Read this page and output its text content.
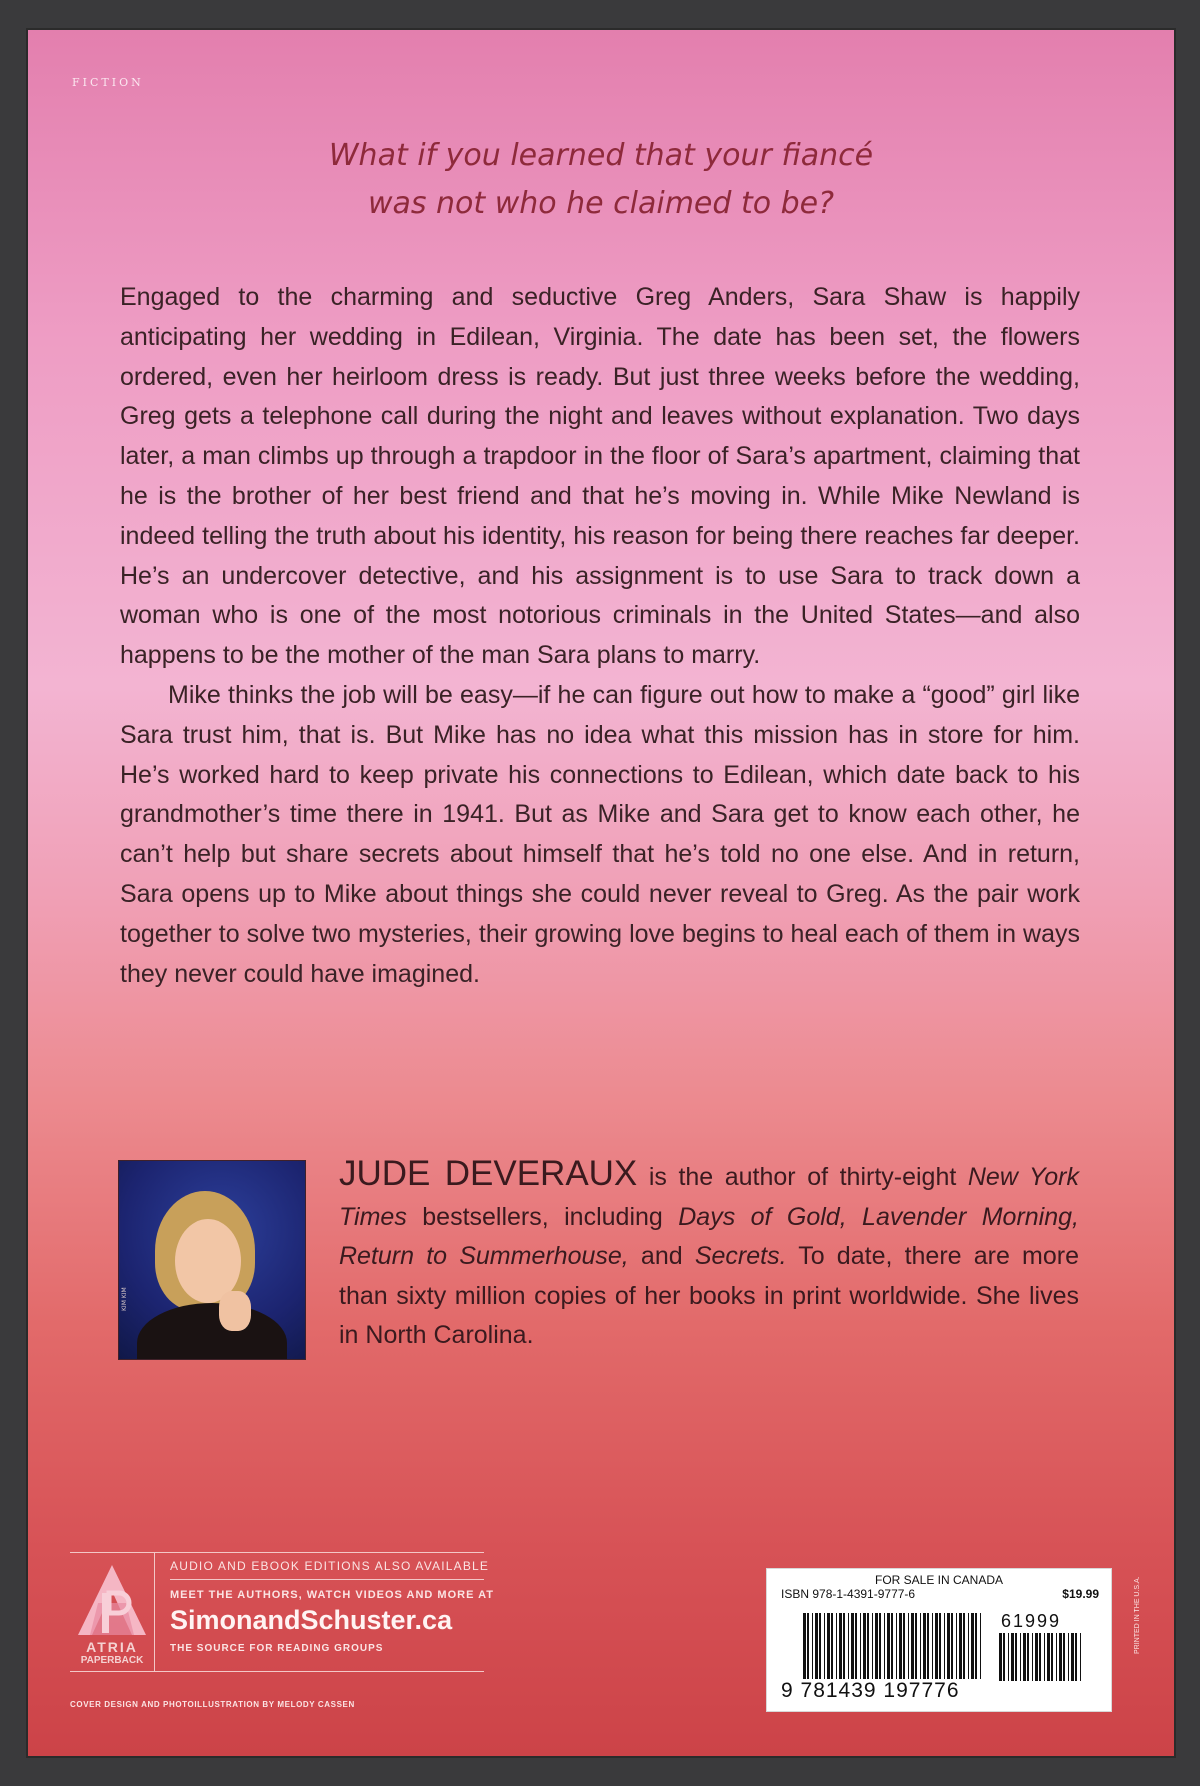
FICTION
What if you learned that your fiancé
was not who he claimed to be?

Engaged to the charming and seductive Greg Anders, Sara Shaw is happily anticipating her wedding in Edilean, Virginia. The date has been set, the flowers ordered, even her heirloom dress is ready. But just three weeks before the wedding, Greg gets a telephone call during the night and leaves without explanation. Two days later, a man climbs up through a trapdoor in the floor of Sara’s apartment, claiming that he is the brother of her best friend and that he’s moving in. While Mike Newland is indeed telling the truth about his identity, his reason for being there reaches far deeper. He’s an undercover detective, and his assignment is to use Sara to track down a woman who is one of the most notorious criminals in the United States—and also happens to be the mother of the man Sara plans to marry.

Mike thinks the job will be easy—if he can figure out how to make a “good” girl like Sara trust him, that is. But Mike has no idea what this mission has in store for him. He’s worked hard to keep private his connections to Edilean, which date back to his grandmother’s time there in 1941. But as Mike and Sara get to know each other, he can’t help but share secrets about himself that he’s told no one else. And in return, Sara opens up to Mike about things she could never reveal to Greg. As the pair work together to solve two mysteries, their growing love begins to heal each of them in ways they never could have imagined.

KIM KIM
JUDE DEVERAUX is the author of thirty-eight New York Times bestsellers, including Days of Gold, Lavender Morning, Return to Summerhouse, and Secrets. To date, there are more than sixty million copies of her books in print worldwide. She lives in North Carolina.
ATRIA
PAPERBACK
AUDIO AND EBOOK EDITIONS ALSO AVAILABLE
MEET THE AUTHORS, WATCH VIDEOS AND MORE AT
SimonandSchuster.ca
THE SOURCE FOR READING GROUPS
COVER DESIGN AND PHOTOILLUSTRATION BY MELODY CASSEN
FOR SALE IN CANADA
ISBN 978-1-4391-9777-6	$19.99
61999
9 781439 197776
PRINTED IN THE U.S.A.
